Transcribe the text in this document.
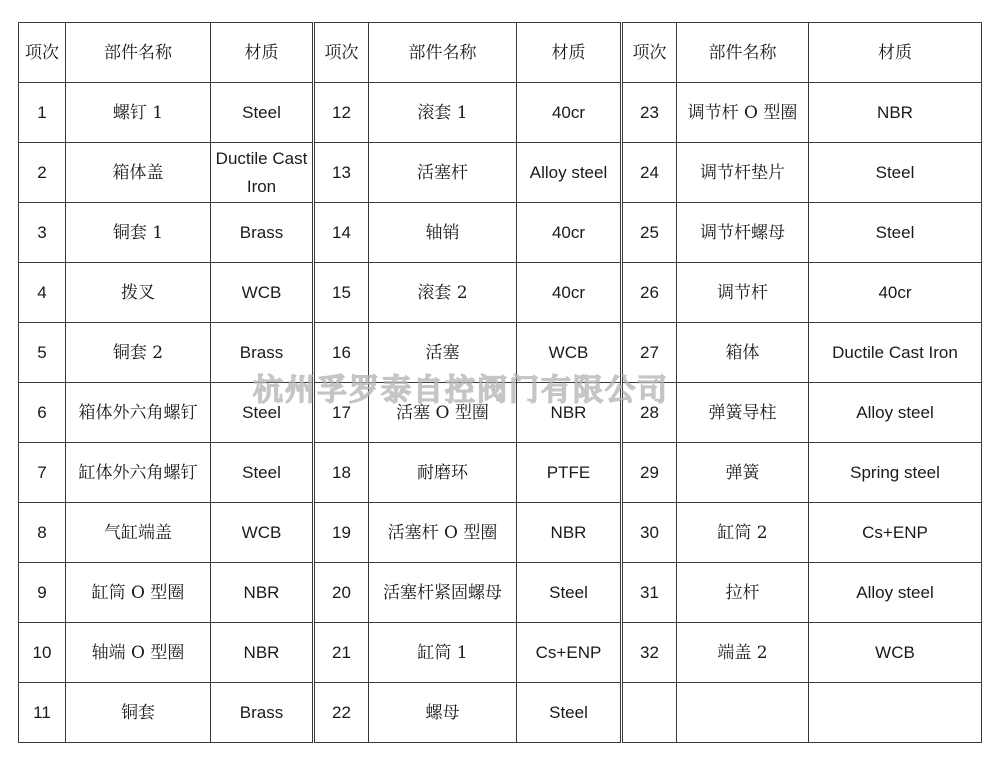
项次	部件名称	材质	项次	部件名称	材质	项次	部件名称	材质
1	螺钉 1	Steel	12	滚套 1	40cr	23	调节杆 O 型圈	NBR
2	箱体盖	Ductile Cast Iron	13	活塞杆	Alloy steel	24	调节杆垫片	Steel
3	铜套 1	Brass	14	轴销	40cr	25	调节杆螺母	Steel
4	拨叉	WCB	15	滚套 2	40cr	26	调节杆	40cr
5	铜套 2	Brass	16	活塞	WCB	27	箱体	Ductile Cast Iron
6	箱体外六角螺钉	Steel	17	活塞 O 型圈	NBR	28	弹簧导柱	Alloy steel
7	缸体外六角螺钉	Steel	18	耐磨环	PTFE	29	弹簧	Spring steel
8	气缸端盖	WCB	19	活塞杆 O 型圈	NBR	30	缸筒 2	Cs+ENP
9	缸筒 O 型圈	NBR	20	活塞杆紧固螺母	Steel	31	拉杆	Alloy steel
10	轴端 O 型圈	NBR	21	缸筒 1	Cs+ENP	32	端盖 2	WCB
11	铜套	Brass	22	螺母	Steel			
杭州孚罗泰自控阀门有限公司
